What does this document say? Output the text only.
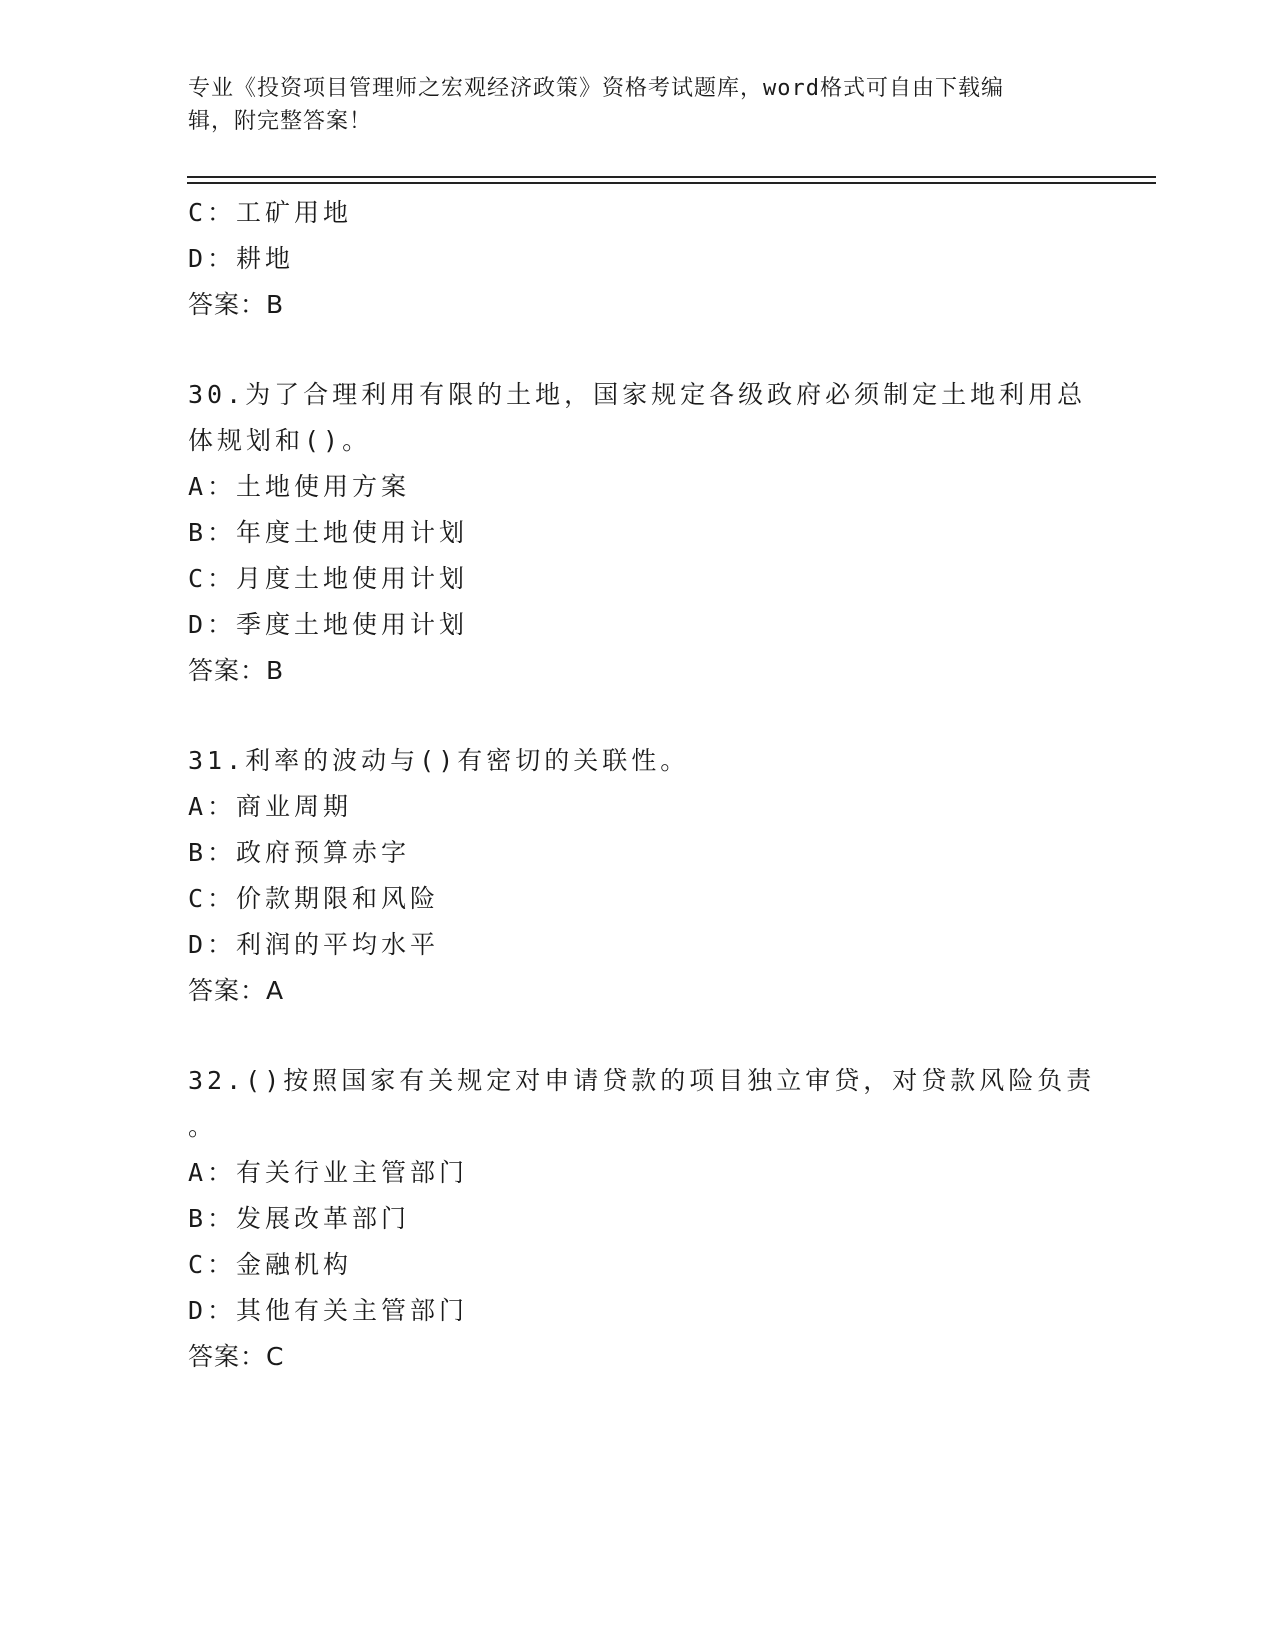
专业《投资项目管理师之宏观经济政策》资格考试题库，word格式可自由下载编
辑，附完整答案！
C：工矿用地
D：耕地
答案：B
30.为了合理利用有限的土地，国家规定各级政府必须制定土地利用总
体规划和()。
A：土地使用方案
B：年度土地使用计划
C：月度土地使用计划
D：季度土地使用计划
答案：B
31.利率的波动与()有密切的关联性。
A：商业周期
B：政府预算赤字
C：价款期限和风险
D：利润的平均水平
答案：A
32.()按照国家有关规定对申请贷款的项目独立审贷，对贷款风险负责
。
A：有关行业主管部门
B：发展改革部门
C：金融机构
D：其他有关主管部门
答案：C
